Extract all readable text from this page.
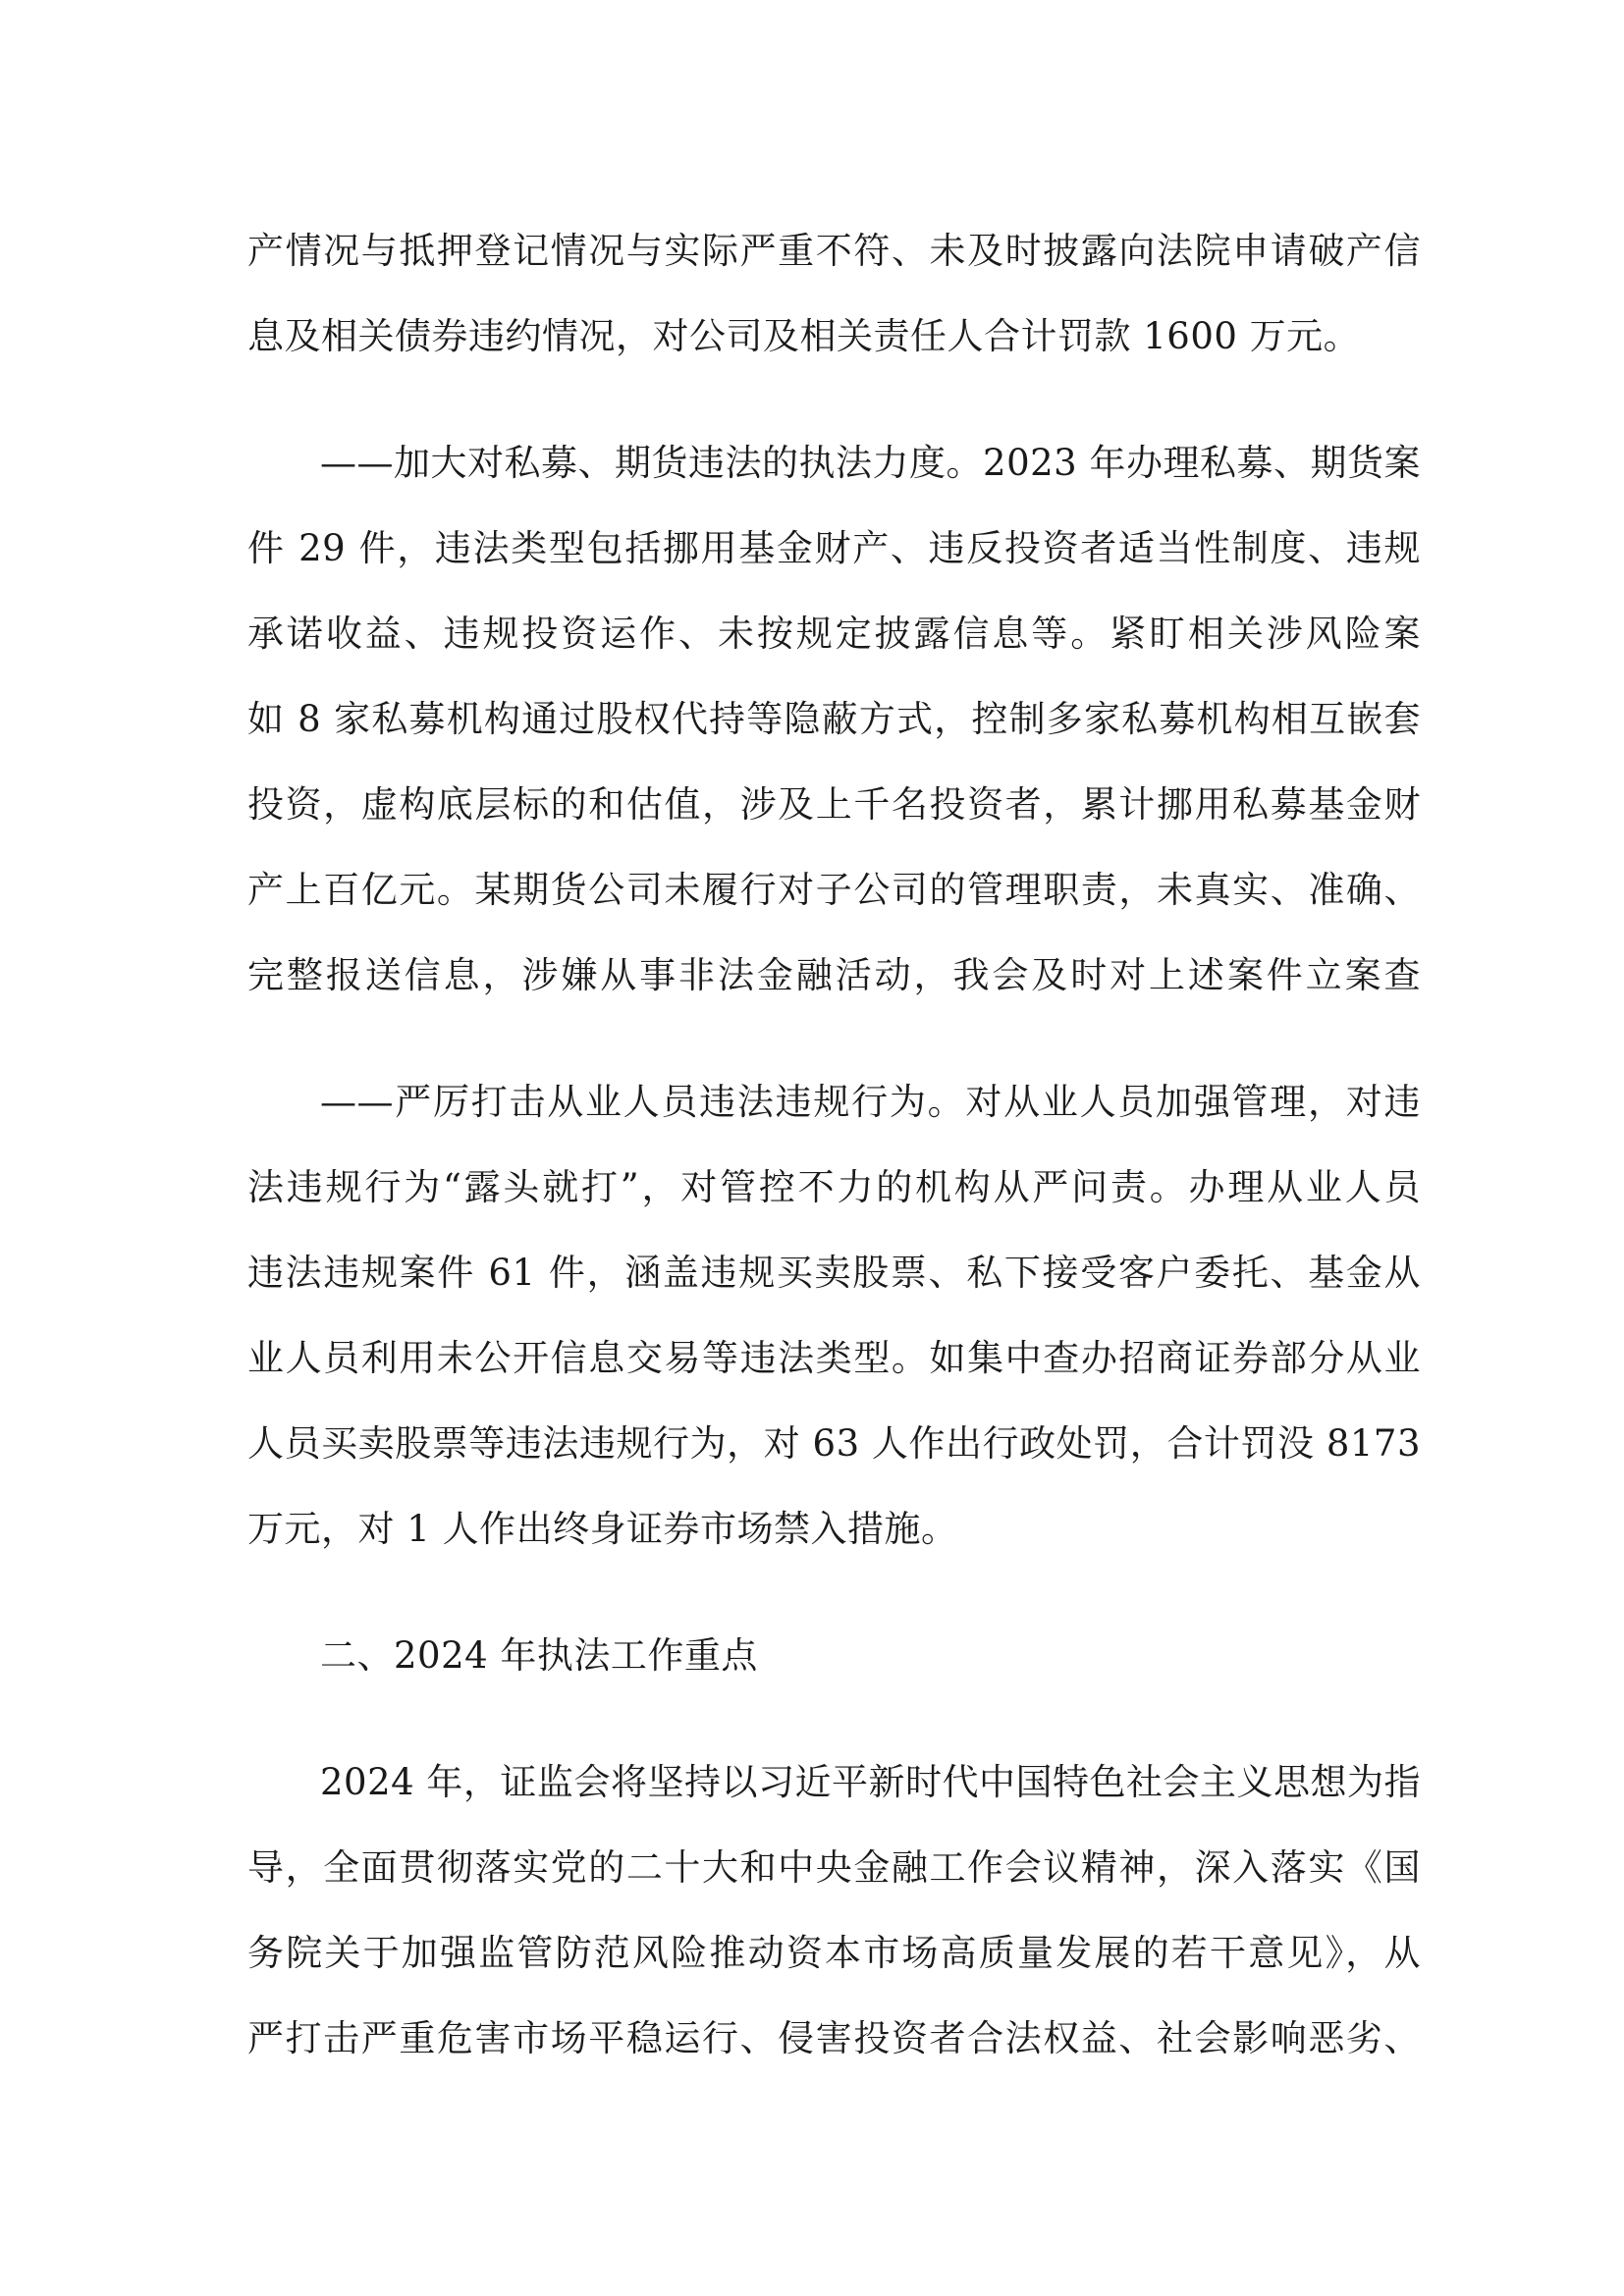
产情况与抵押登记情况与实际严重不符、未及时披露向法院申请破产信
息及相关债券违约情况，对公司及相关责任人合计罚款 1600 万元。
——加大对私募、期货违法的执法力度。2023 年办理私募、期货案
件 29 件，违法类型包括挪用基金财产、违反投资者适当性制度、违规
承诺收益、违规投资运作、未按规定披露信息等。紧盯相关涉风险案
如 8 家私募机构通过股权代持等隐蔽方式，控制多家私募机构相互嵌套
投资，虚构底层标的和估值，涉及上千名投资者，累计挪用私募基金财
产上百亿元。某期货公司未履行对子公司的管理职责，未真实、准确、
完整报送信息，涉嫌从事非法金融活动，我会及时对上述案件立案查
——严厉打击从业人员违法违规行为。对从业人员加强管理，对违
法违规行为“露头就打”，对管控不力的机构从严问责。办理从业人员
违法违规案件 61 件，涵盖违规买卖股票、私下接受客户委托、基金从
业人员利用未公开信息交易等违法类型。如集中查办招商证券部分从业
人员买卖股票等违法违规行为，对 63 人作出行政处罚，合计罚没 8173
万元，对 1 人作出终身证券市场禁入措施。
二、2024 年执法工作重点
2024 年，证监会将坚持以习近平新时代中国特色社会主义思想为指
导，全面贯彻落实党的二十大和中央金融工作会议精神，深入落实《国
务院关于加强监管防范风险推动资本市场高质量发展的若干意见》，从
严打击严重危害市场平稳运行、侵害投资者合法权益、社会影响恶劣、
